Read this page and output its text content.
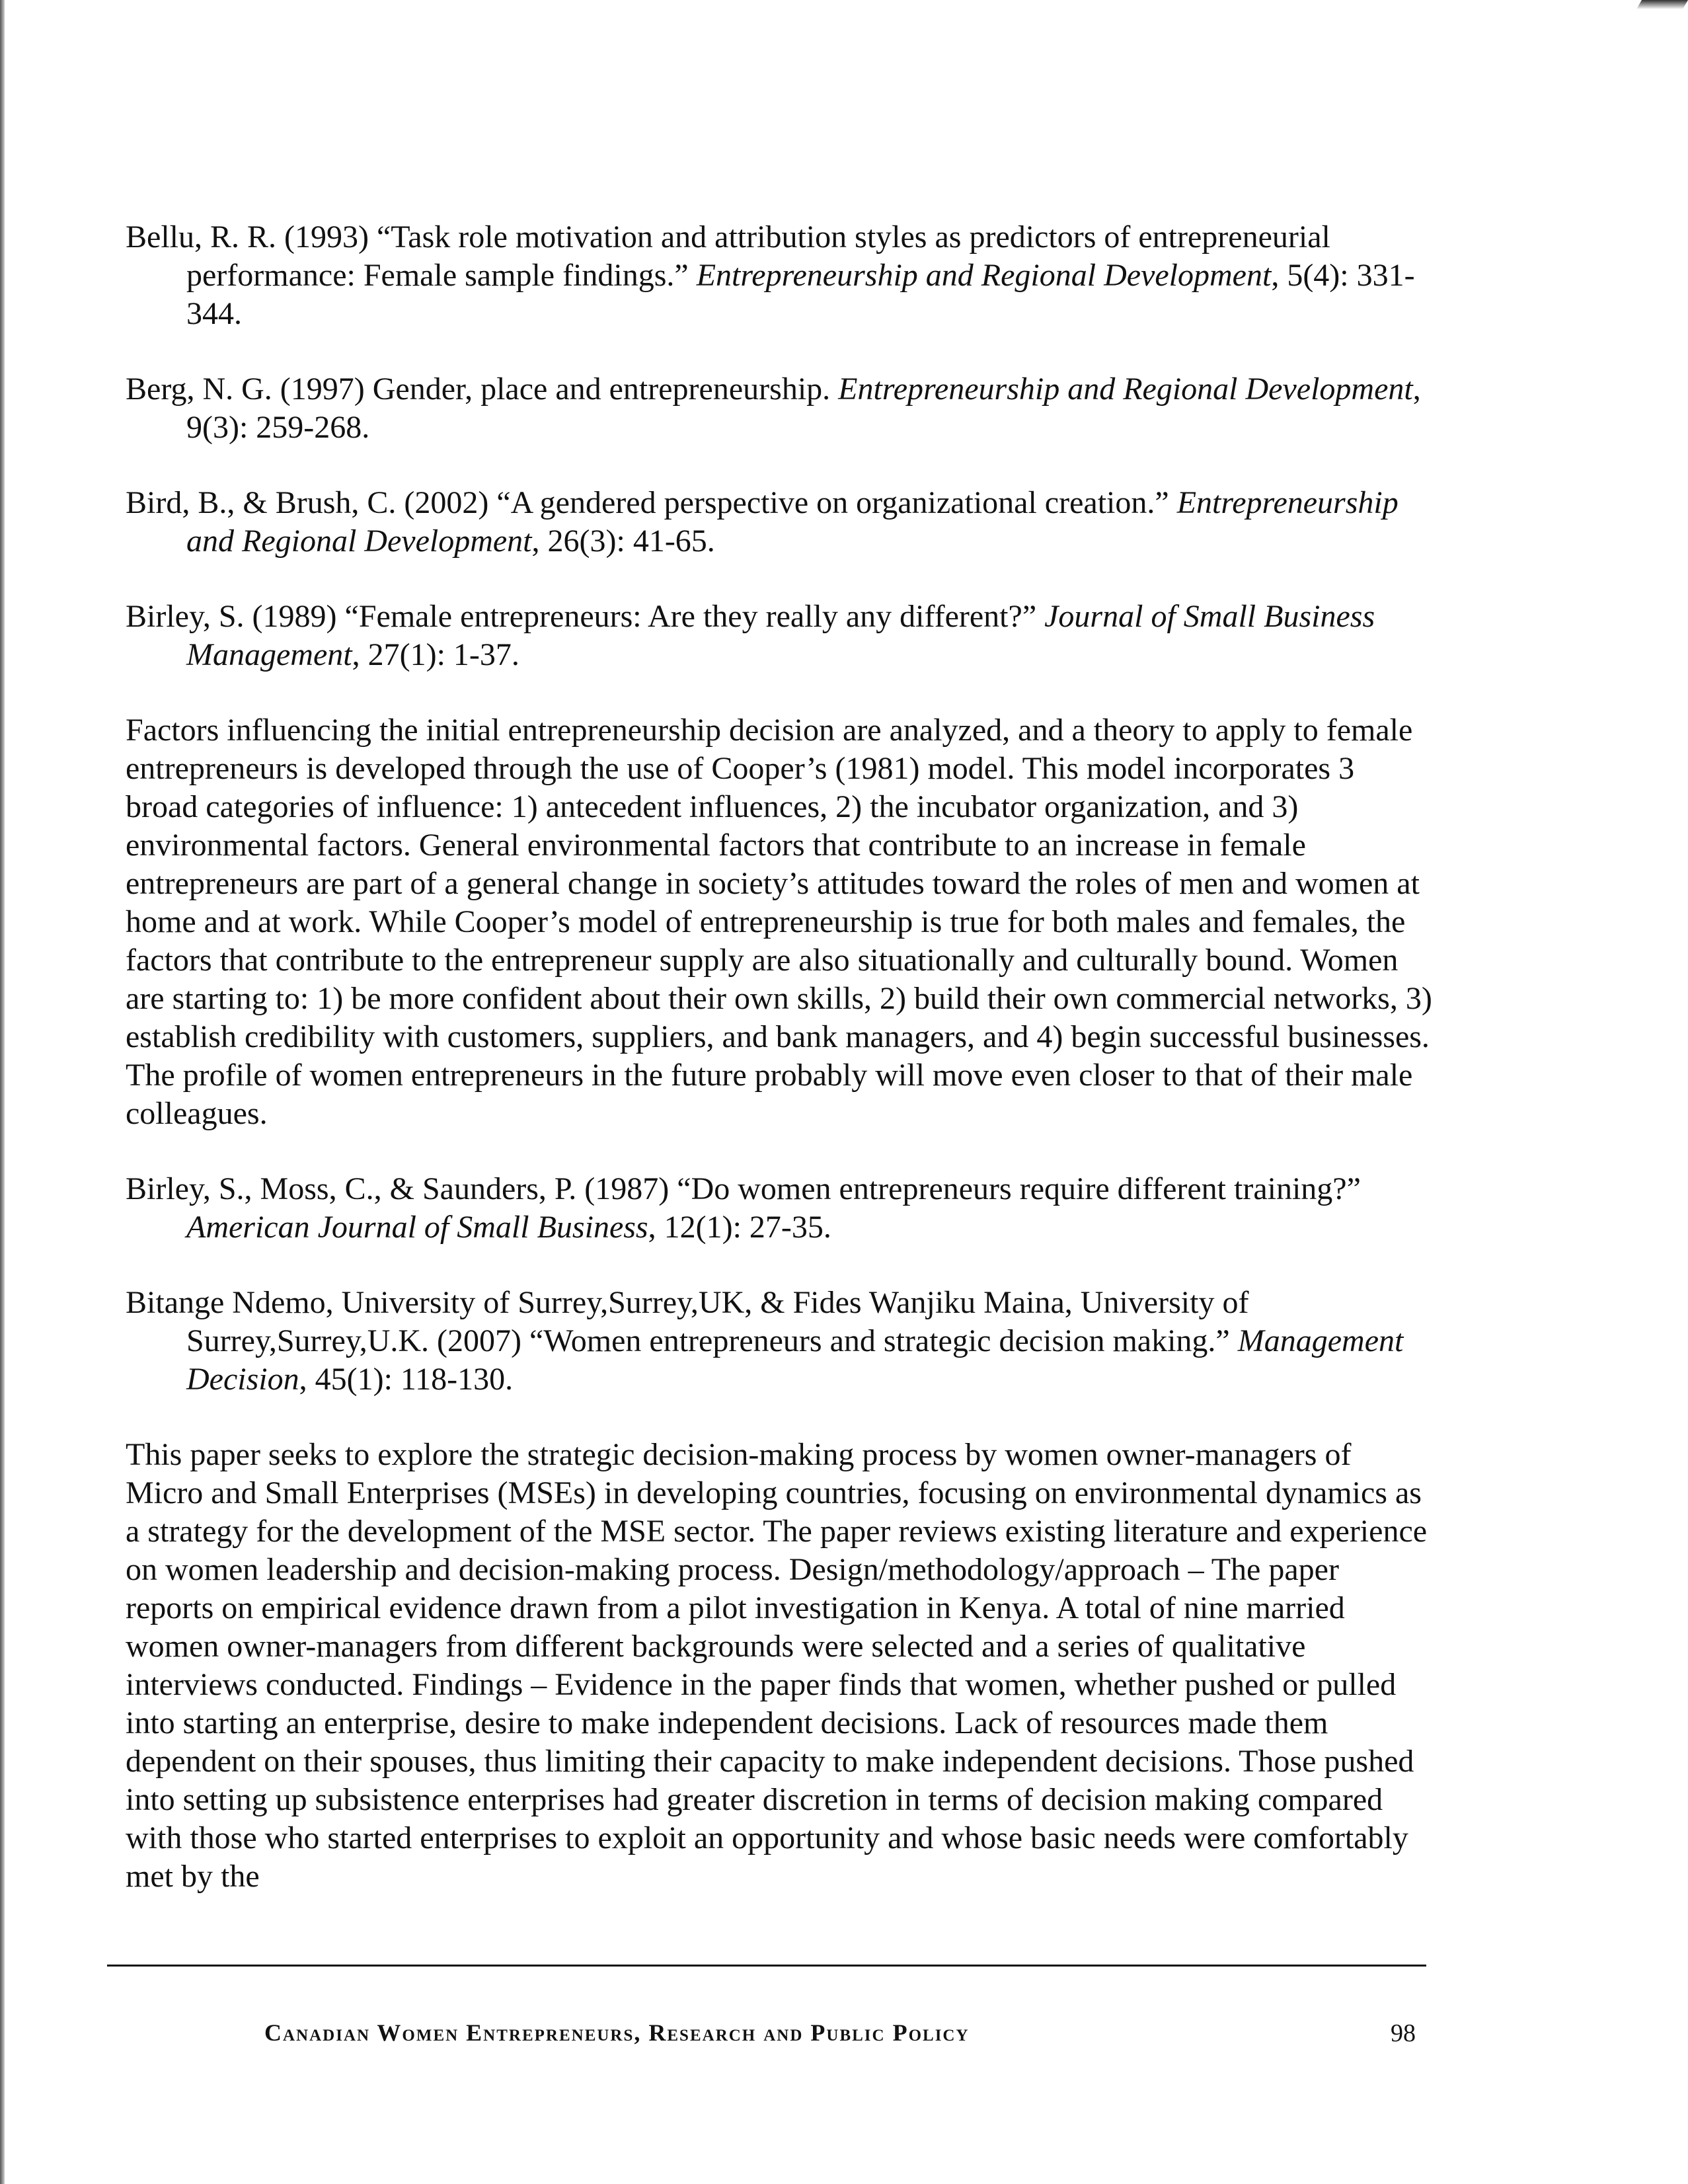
Bellu, R. R. (1993) “Task role motivation and attribution styles as predictors of entrepreneurial performance: Female sample findings.” Entrepreneurship and Regional Development, 5(4): 331-344.

Berg, N. G. (1997) Gender, place and entrepreneurship. Entrepreneurship and Regional Development, 9(3): 259-268.

Bird, B., & Brush, C. (2002) “A gendered perspective on organizational creation.” Entrepreneurship and Regional Development, 26(3): 41-65.

Birley, S. (1989) “Female entrepreneurs: Are they really any different?” Journal of Small Business Management, 27(1): 1-37.

Factors influencing the initial entrepreneurship decision are analyzed, and a theory to apply to female entrepreneurs is developed through the use of Cooper’s (1981) model. This model incorporates 3 broad categories of influence: 1) antecedent influences, 2) the incubator organization, and 3) environmental factors. General environmental factors that contribute to an increase in female entrepreneurs are part of a general change in society’s attitudes toward the roles of men and women at home and at work. While Cooper’s model of entrepreneurship is true for both males and females, the factors that contribute to the entrepreneur supply are also situationally and culturally bound. Women are starting to: 1) be more confident about their own skills, 2) build their own commercial networks, 3) establish credibility with customers, suppliers, and bank managers, and 4) begin successful businesses. The profile of women entrepreneurs in the future probably will move even closer to that of their male colleagues.

Birley, S., Moss, C., & Saunders, P. (1987) “Do women entrepreneurs require different training?” American Journal of Small Business, 12(1): 27-35.

Bitange Ndemo, University of Surrey,Surrey,UK, & Fides Wanjiku Maina, University of Surrey,Surrey,U.K. (2007) “Women entrepreneurs and strategic decision making.” Management Decision, 45(1): 118-130.

This paper seeks to explore the strategic decision-making process by women owner-managers of Micro and Small Enterprises (MSEs) in developing countries, focusing on environmental dynamics as a strategy for the development of the MSE sector. The paper reviews existing literature and experience on women leadership and decision-making process. Design/methodology/approach – The paper reports on empirical evidence drawn from a pilot investigation in Kenya. A total of nine married women owner-managers from different backgrounds were selected and a series of qualitative interviews conducted. Findings – Evidence in the paper finds that women, whether pushed or pulled into starting an enterprise, desire to make independent decisions. Lack of resources made them dependent on their spouses, thus limiting their capacity to make independent decisions. Those pushed into setting up subsistence enterprises had greater discretion in terms of decision making compared with those who started enterprises to exploit an opportunity and whose basic needs were comfortably met by the

Canadian Women Entrepreneurs, Research and Public Policy	98
